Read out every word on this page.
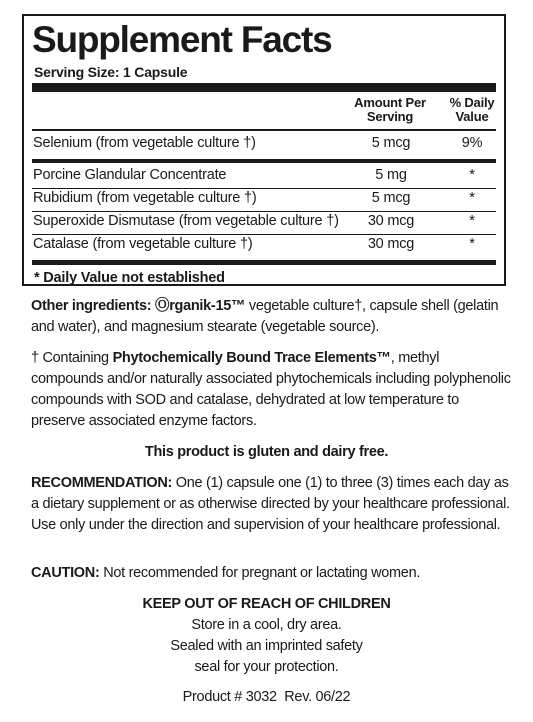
Supplement Facts
Serving Size: 1 Capsule
Amount Per
Serving
% Daily
Value
Selenium (from vegetable culture †)	5 mcg	9%
Porcine Glandular Concentrate	5 mg	*
Rubidium (from vegetable culture †)	5 mcg	*
Superoxide Dismutase (from vegetable culture †)	30 mcg	*
Catalase (from vegetable culture †)	30 mcg	*
* Daily Value not established
Other ingredients: Ⓞrganik-15™ vegetable culture†, capsule shell (gelatin and water), and magnesium stearate (vegetable source).
† Containing Phytochemically Bound Trace Elements™, methyl compounds and/or naturally associated phytochemicals including polyphenolic compounds with SOD and catalase, dehydrated at low temperature to preserve associated enzyme factors.
This product is gluten and dairy free.
RECOMMENDATION: One (1) capsule one (1) to three (3) times each day as a dietary supplement or as otherwise directed by your healthcare professional. Use only under the direction and supervision of your healthcare professional.
CAUTION: Not recommended for pregnant or lactating women.
KEEP OUT OF REACH OF CHILDREN
Store in a cool, dry area.
Sealed with an imprinted safety
seal for your protection.
Product # 3032  Rev. 06/22
